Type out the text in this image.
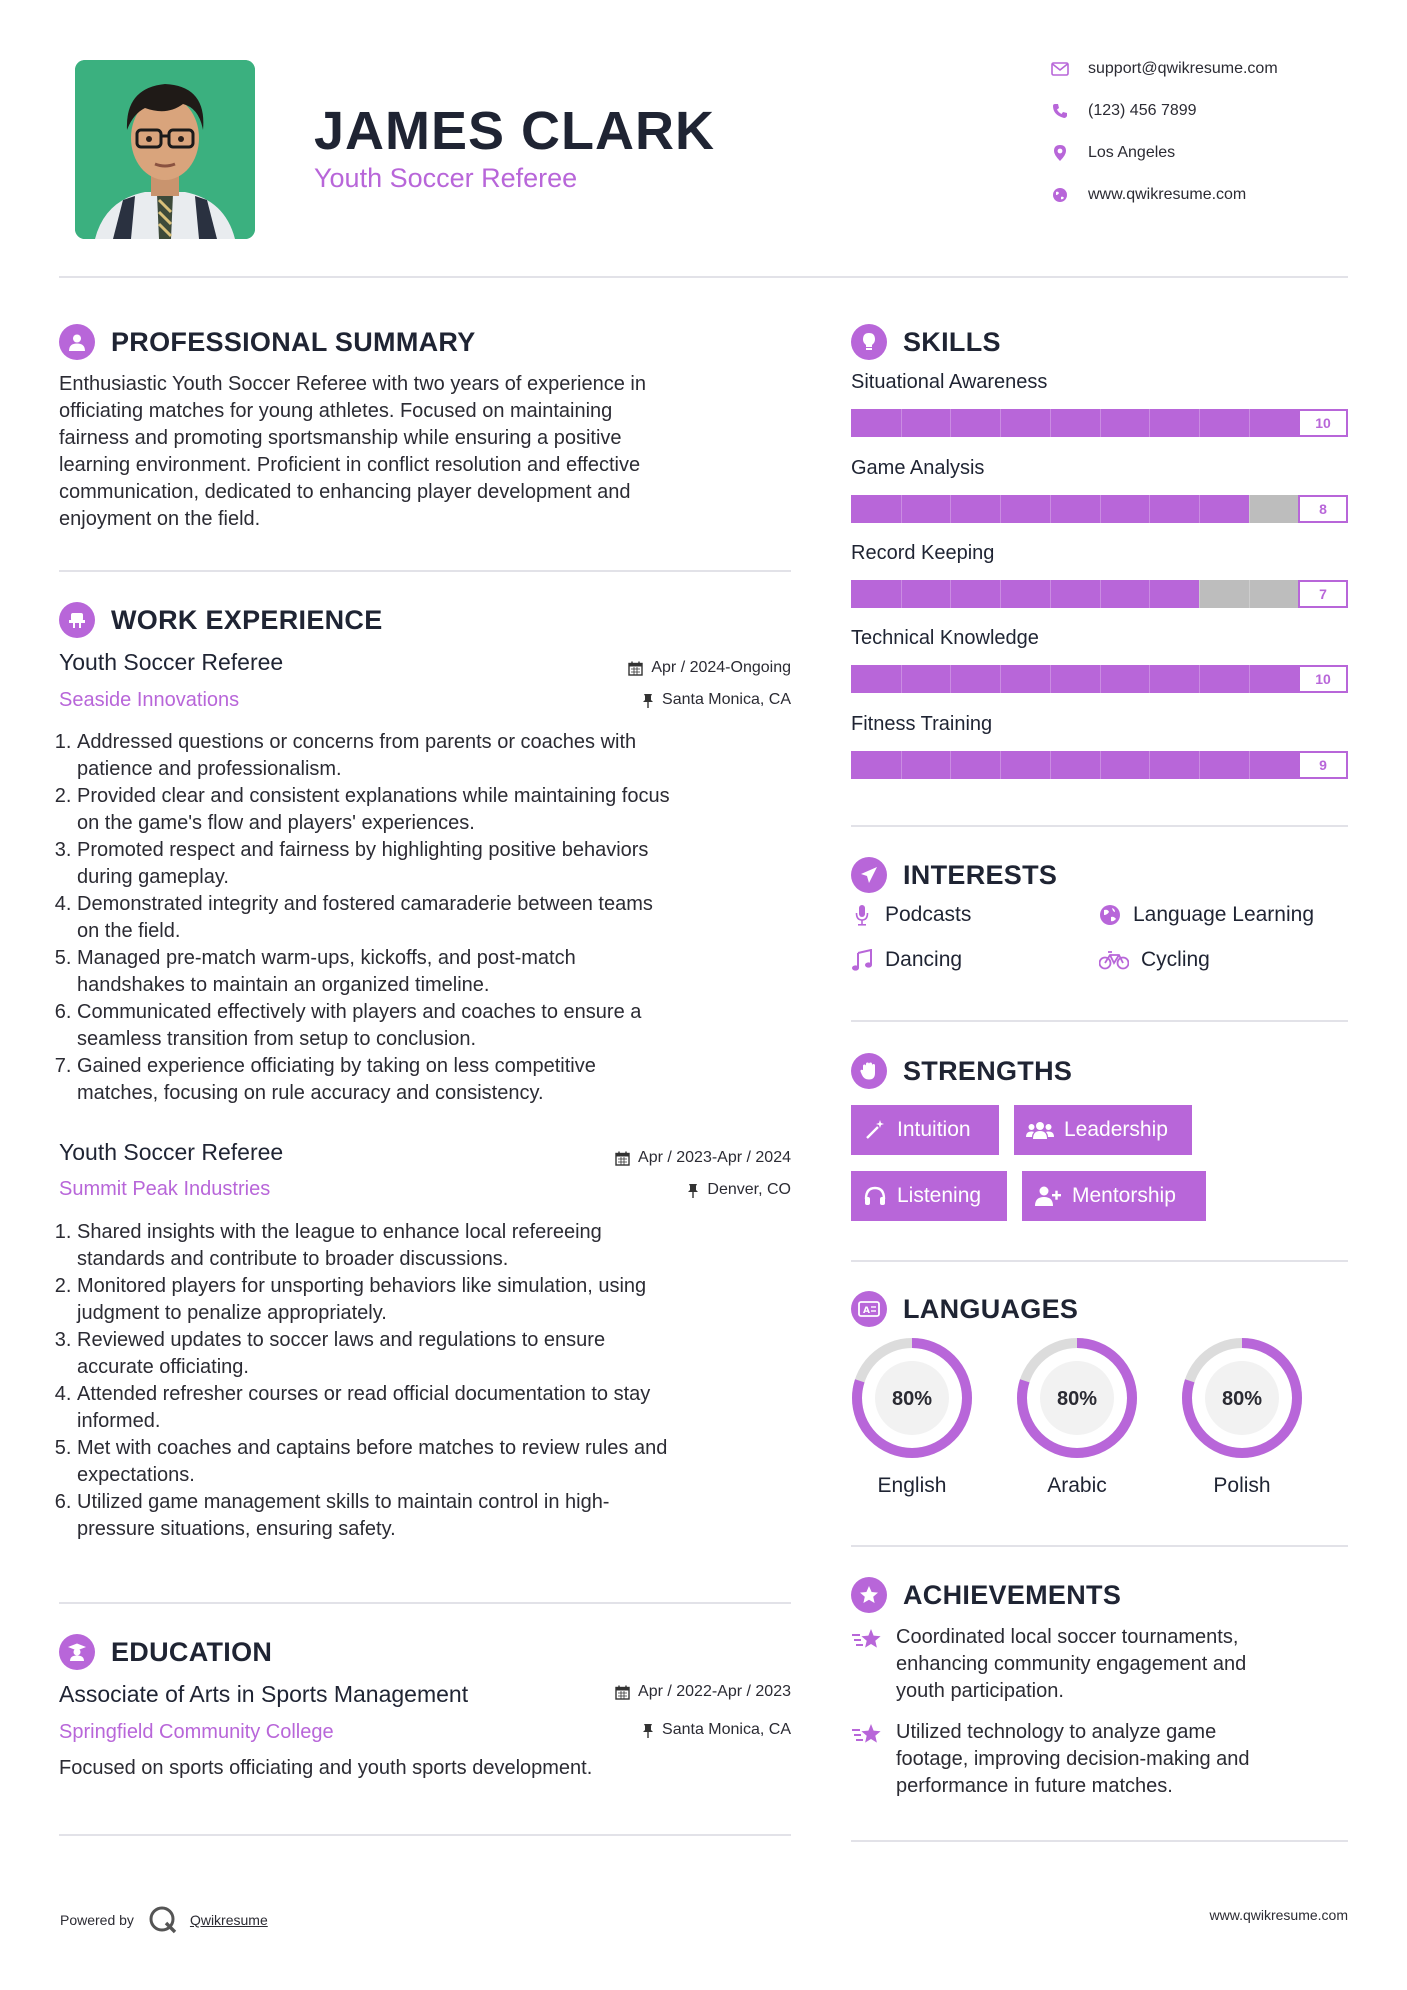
JAMES CLARK
Youth Soccer Referee
support@qwikresume.com
(123) 456 7899
Los Angeles
www.qwikresume.com
PROFESSIONAL SUMMARY
Enthusiastic Youth Soccer Referee with two years of experience in
officiating matches for young athletes. Focused on maintaining
fairness and promoting sportsmanship while ensuring a positive
learning environment. Proficient in conflict resolution and effective
communication, dedicated to enhancing player development and
enjoyment on the field.
WORK EXPERIENCE
Youth Soccer Referee
Seaside Innovations
Apr / 2024-Ongoing
Santa Monica, CA
1. Addressed questions or concerns from parents or coaches with
patience and professionalism.
2. Provided clear and consistent explanations while maintaining focus
on the game's flow and players' experiences.
3. Promoted respect and fairness by highlighting positive behaviors
during gameplay.
4. Demonstrated integrity and fostered camaraderie between teams
on the field.
5. Managed pre-match warm-ups, kickoffs, and post-match
handshakes to maintain an organized timeline.
6. Communicated effectively with players and coaches to ensure a
seamless transition from setup to conclusion.
7. Gained experience officiating by taking on less competitive
matches, focusing on rule accuracy and consistency.
Youth Soccer Referee
Summit Peak Industries
Apr / 2023-Apr / 2024
Denver, CO
1. Shared insights with the league to enhance local refereeing
standards and contribute to broader discussions.
2. Monitored players for unsporting behaviors like simulation, using
judgment to penalize appropriately.
3. Reviewed updates to soccer laws and regulations to ensure
accurate officiating.
4. Attended refresher courses or read official documentation to stay
informed.
5. Met with coaches and captains before matches to review rules and
expectations.
6. Utilized game management skills to maintain control in high-
pressure situations, ensuring safety.
EDUCATION
Associate of Arts in Sports Management
Springfield Community College
Apr / 2022-Apr / 2023
Santa Monica, CA
Focused on sports officiating and youth sports development.
SKILLS
Situational Awareness
10
Game Analysis
8
Record Keeping
7
Technical Knowledge
10
Fitness Training
9
INTERESTS
Podcasts	Language Learning
Dancing	Cycling
STRENGTHS
Intuition	Leadership
Listening	Mentorship
A LANGUAGES
80%
English
80%
Arabic
80%
Polish
ACHIEVEMENTS
Coordinated local soccer tournaments,
enhancing community engagement and
youth participation.
Utilized technology to analyze game
footage, improving decision-making and
performance in future matches.
Powered by	Qwikresume	www.qwikresume.com
